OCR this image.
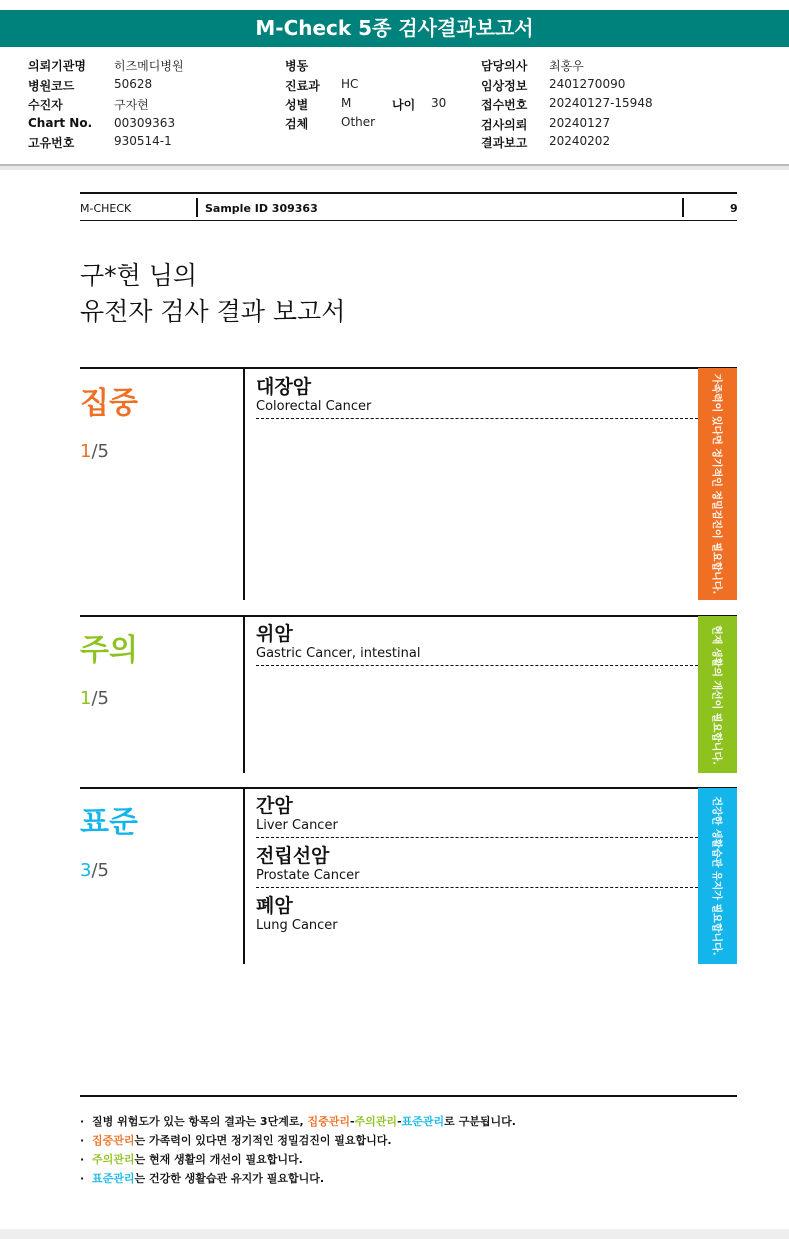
M-Check 5종 검사결과보고서
의뢰기관명 히즈메디병원
병원코드	50628
수진자	구자현
Chart No. 00309363
고유번호	930514-1
병동
진료과 HC
성별	M	나이 30
검체	Other
담당의사 최홍우
임상정보 2401270090
접수번호 20240127-15948
검사의뢰 20240127
결과보고 20240202
M-CHECK	Sample ID 309363	9
구*현 님의
유전자 검사 결과 보고서
집중
1/5
대장암
Colorectal Cancer	가족력이 있다면 정기적인 정밀검진이 필요합니다.
주의
1/5
위암
Gastric Cancer, intestinal	현재 생활의 개선이 필요합니다.
표준
3/5
간암
Liver Cancer
전립선암
Prostate Cancer
폐암
Lung Cancer	건강한 생활습관 유지가 필요합니다.
· 질병 위험도가 있는 항목의 결과는 3단계로, 집중관리-주의관리-표준관리로 구분됩니다.
· 집중관리는 가족력이 있다면 정기적인 정밀검진이 필요합니다.
· 주의관리는 현재 생활의 개선이 필요합니다.
· 표준관리는 건강한 생활습관 유지가 필요합니다.
